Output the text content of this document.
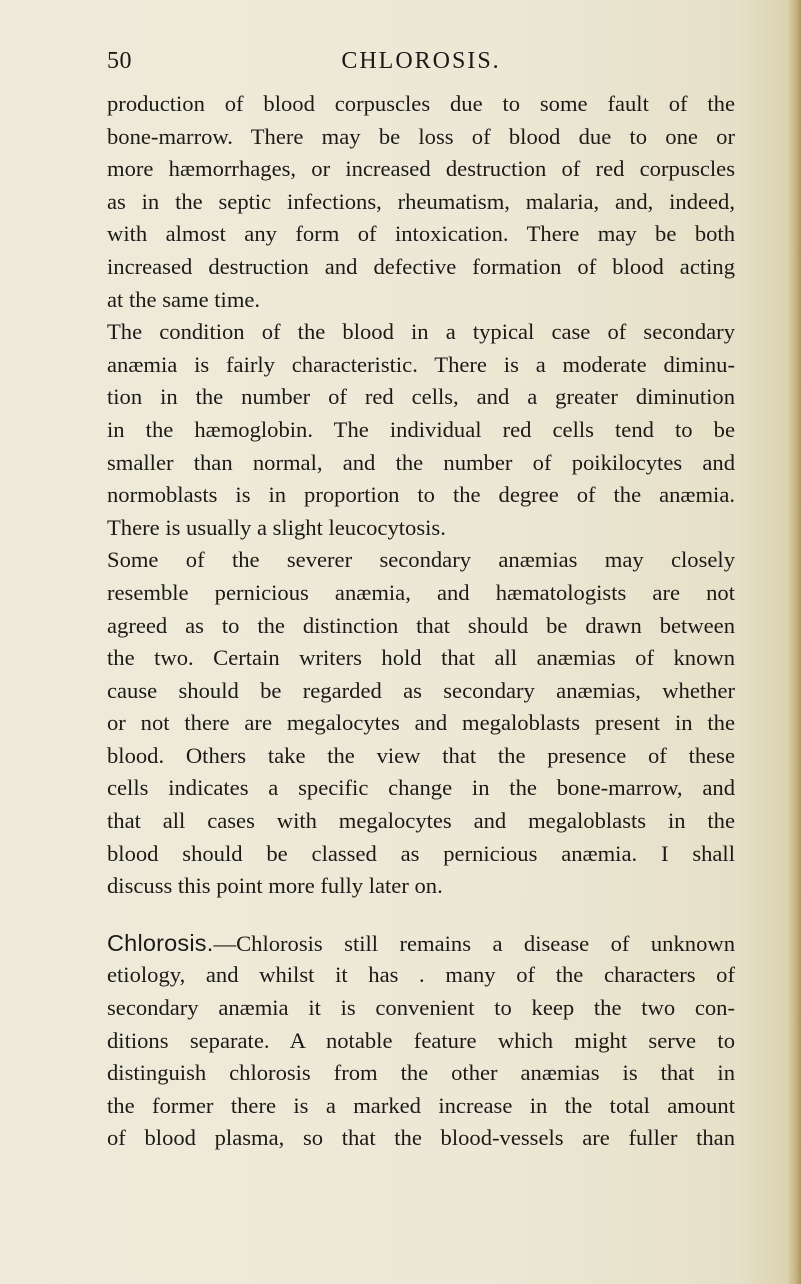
50	CHLOROSIS.
production of blood corpuscles due to some fault of the
bone-marrow. There may be loss of blood due to one or
more hæmorrhages, or increased destruction of red corpuscles
as in the septic infections, rheumatism, malaria, and, indeed,
with almost any form of intoxication. There may be both
increased destruction and defective formation of blood acting
at the same time.
The condition of the blood in a typical case of secondary
anæmia is fairly characteristic. There is a moderate diminu-
tion in the number of red cells, and a greater diminution
in the hæmoglobin. The individual red cells tend to be
smaller than normal, and the number of poikilocytes and
normoblasts is in proportion to the degree of the anæmia.
There is usually a slight leucocytosis.
Some of the severer secondary anæmias may closely
resemble pernicious anæmia, and hæmatologists are not
agreed as to the distinction that should be drawn between
the two. Certain writers hold that all anæmias of known
cause should be regarded as secondary anæmias, whether
or not there are megalocytes and megaloblasts present in the
blood. Others take the view that the presence of these
cells indicates a specific change in the bone-marrow, and
that all cases with megalocytes and megaloblasts in the
blood should be classed as pernicious anæmia. I shall
discuss this point more fully later on.
Chlorosis.—Chlorosis still remains a disease of unknown
etiology, and whilst it has . many of the characters of
secondary anæmia it is convenient to keep the two con-
ditions separate. A notable feature which might serve to
distinguish chlorosis from the other anæmias is that in
the former there is a marked increase in the total amount
of blood plasma, so that the blood-vessels are fuller than
